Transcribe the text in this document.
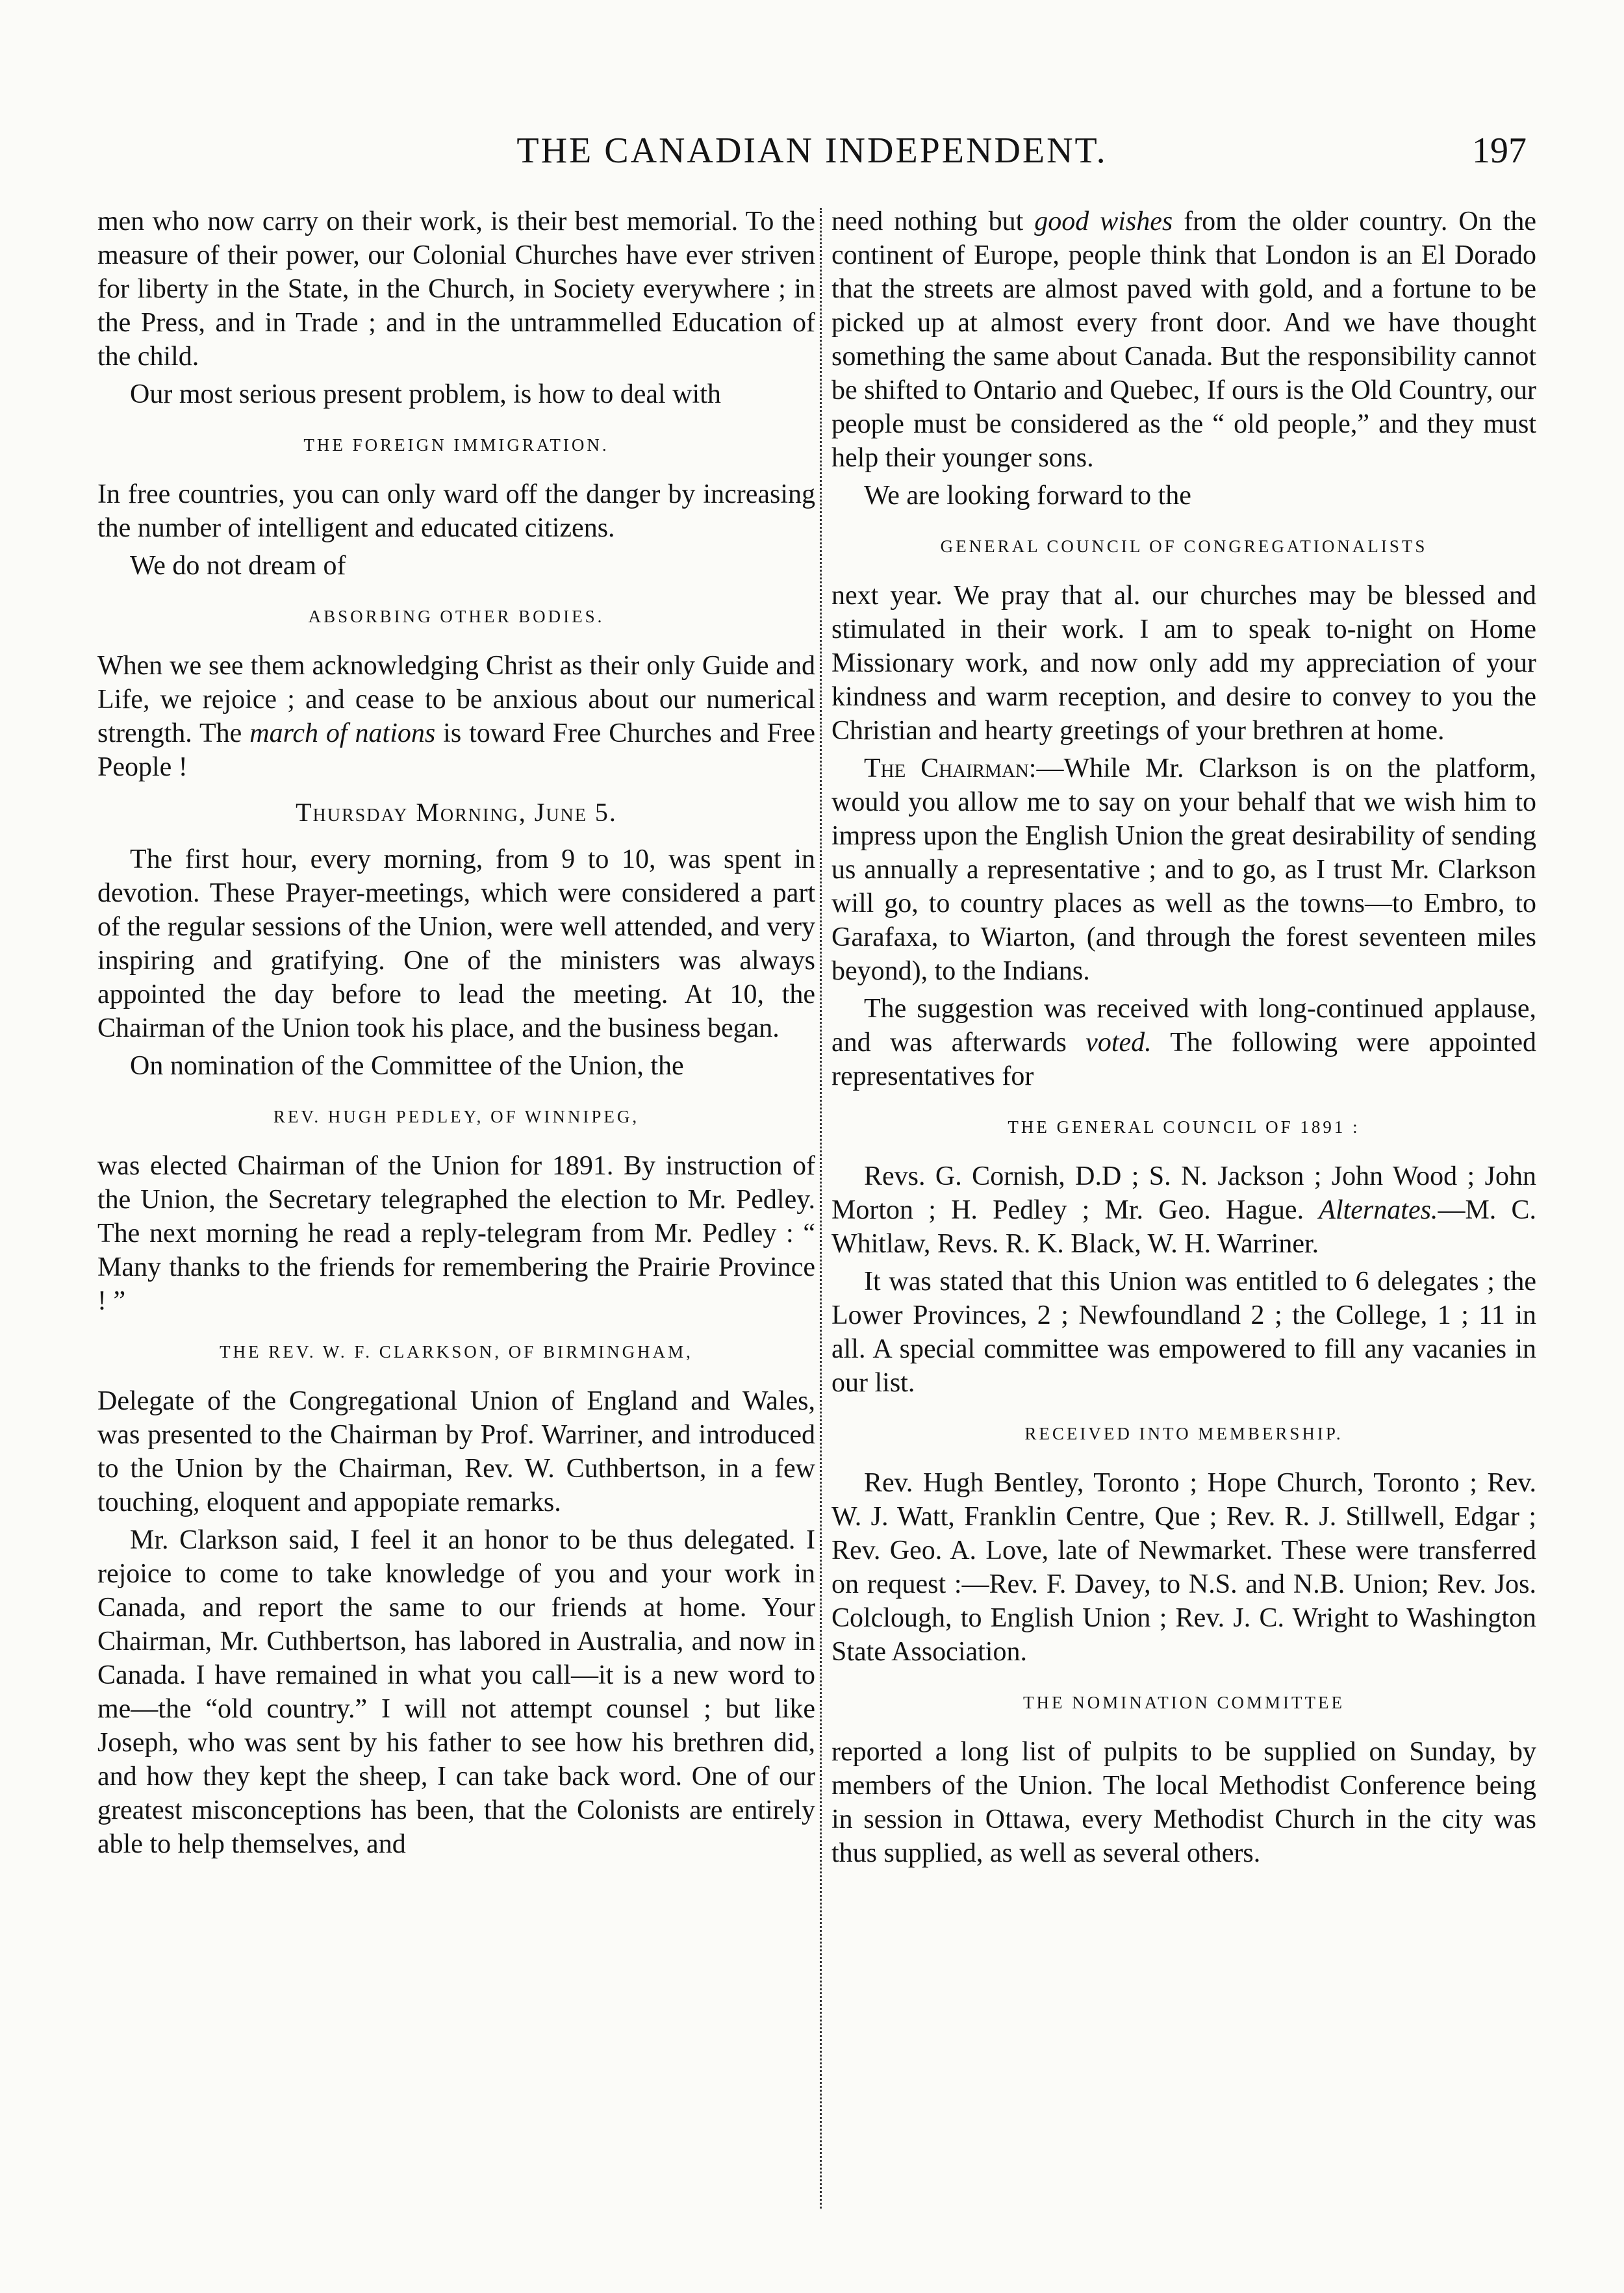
THE CANADIAN INDEPENDENT.	197

men who now carry on their work, is their best memorial. To the measure of their power, our Colonial Churches have ever striven for liberty in the State, in the Church, in Society everywhere ; in the Press, and in Trade ; and in the untrammelled Education of the child.

Our most serious present problem, is how to deal with

THE FOREIGN IMMIGRATION.

In free countries, you can only ward off the danger by increasing the number of intelligent and educated citizens.

We do not dream of

ABSORBING OTHER BODIES.

When we see them acknowledging Christ as their only Guide and Life, we rejoice ; and cease to be anxious about our numerical strength. The march of nations is toward Free Churches and Free People !

Thursday Morning, June 5.

The first hour, every morning, from 9 to 10, was spent in devotion. These Prayer-meetings, which were considered a part of the regular sessions of the Union, were well attended, and very inspiring and gratifying. One of the ministers was always appointed the day before to lead the meeting. At 10, the Chairman of the Union took his place, and the business began.

On nomination of the Committee of the Union, the

REV. HUGH PEDLEY, OF WINNIPEG,

was elected Chairman of the Union for 1891. By instruction of the Union, the Secretary telegraphed the election to Mr. Pedley. The next morning he read a reply-telegram from Mr. Pedley : “ Many thanks to the friends for remembering the Prairie Province ! ”

THE REV. W. F. CLARKSON, OF BIRMINGHAM,

Delegate of the Congregational Union of England and Wales, was presented to the Chairman by Prof. Warriner, and introduced to the Union by the Chairman, Rev. W. Cuthbertson, in a few touching, eloquent and appopiate remarks.

Mr. Clarkson said, I feel it an honor to be thus delegated. I rejoice to come to take knowledge of you and your work in Canada, and report the same to our friends at home. Your Chairman, Mr. Cuthbertson, has labored in Australia, and now in Canada. I have remained in what you call—it is a new word to me—the “old country.” I will not attempt counsel ; but like Joseph, who was sent by his father to see how his brethren did, and how they kept the sheep, I can take back word. One of our greatest misconceptions has been, that the Colonists are entirely able to help themselves, and

need nothing but good wishes from the older country. On the continent of Europe, people think that London is an El Dorado that the streets are almost paved with gold, and a fortune to be picked up at almost every front door. And we have thought something the same about Canada. But the responsibility cannot be shifted to Ontario and Quebec, If ours is the Old Country, our people must be considered as the “ old people,” and they must help their younger sons.

We are looking forward to the

GENERAL COUNCIL OF CONGREGATIONALISTS

next year. We pray that al. our churches may be blessed and stimulated in their work. I am to speak to-night on Home Missionary work, and now only add my appreciation of your kindness and warm reception, and desire to convey to you the Christian and hearty greetings of your brethren at home.

The Chairman:—While Mr. Clarkson is on the platform, would you allow me to say on your behalf that we wish him to impress upon the English Union the great desirability of sending us annually a representative ; and to go, as I trust Mr. Clarkson will go, to country places as well as the towns—to Embro, to Garafaxa, to Wiarton, (and through the forest seventeen miles beyond), to the Indians.

The suggestion was received with long-continued applause, and was afterwards voted. The following were appointed representatives for

THE GENERAL COUNCIL OF 1891 :

Revs. G. Cornish, D.D ; S. N. Jackson ; John Wood ; John Morton ; H. Pedley ; Mr. Geo. Hague. Alternates.—M. C. Whitlaw, Revs. R. K. Black, W. H. Warriner.

It was stated that this Union was entitled to 6 delegates ; the Lower Provinces, 2 ; Newfoundland 2 ; the College, 1 ; 11 in all. A special committee was empowered to fill any vacanies in our list.

RECEIVED INTO MEMBERSHIP.

Rev. Hugh Bentley, Toronto ; Hope Church, Toronto ; Rev. W. J. Watt, Franklin Centre, Que ; Rev. R. J. Stillwell, Edgar ; Rev. Geo. A. Love, late of Newmarket. These were transferred on request :—Rev. F. Davey, to N.S. and N.B. Union; Rev. Jos. Colclough, to English Union ; Rev. J. C. Wright to Washington State Association.

THE NOMINATION COMMITTEE

reported a long list of pulpits to be supplied on Sunday, by members of the Union. The local Methodist Conference being in session in Ottawa, every Methodist Church in the city was thus supplied, as well as several others.
